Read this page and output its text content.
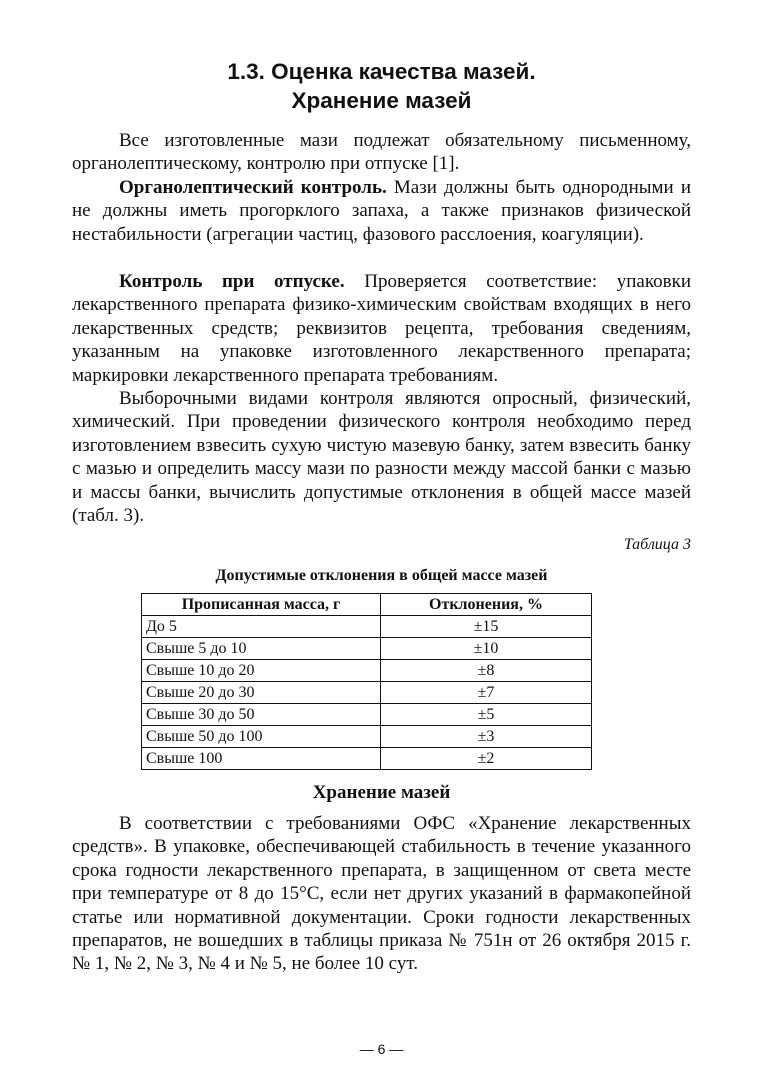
1.3. Оценка качества мазей.
Хранение мазей

Все изготовленные мази подлежат обязательному письменному, органолептическому, контролю при отпуске [1].

Органолептический контроль. Мази должны быть однородными и не должны иметь прогорклого запаха, а также признаков физической нестабильности (агрегации частиц, фазового расслоения, коагуляции).

Контроль при отпуске. Проверяется соответствие: упаковки лекарственного препарата физико-химическим свойствам входящих в него лекарственных средств; реквизитов рецепта, требования сведениям, указанным на упаковке изготовленного лекарственного препарата; маркировки лекарственного препарата требованиям.

Выборочными видами контроля являются опросный, физический, химический. При проведении физического контроля необходимо перед изготовлением взвесить сухую чистую мазевую банку, затем взвесить банку с мазью и определить массу мази по разности между массой банки с мазью и массы банки, вычислить допустимые отклонения в общей массе мазей (табл. 3).

Таблица 3
Допустимые отклонения в общей массе мазей
Прописанная масса, г	Отклонения, %
До 5	±15
Свыше 5 до 10	±10
Свыше 10 до 20	±8
Свыше 20 до 30	±7
Свыше 30 до 50	±5
Свыше 50 до 100	±3
Свыше 100	±2
Хранение мазей

В соответствии с требованиями ОФС «Хранение лекарственных средств». В упаковке, обеспечивающей стабильность в течение указанного срока годности лекарственного препарата, в защищенном от света месте при температуре от 8 до 15°С, если нет других указаний в фармакопейной статье или нормативной документации. Сроки годности лекарственных препаратов, не вошедших в таблицы приказа № 751н от 26 октября 2015 г. № 1, № 2, № 3, № 4 и № 5, не более 10 сут.

— 6 —
